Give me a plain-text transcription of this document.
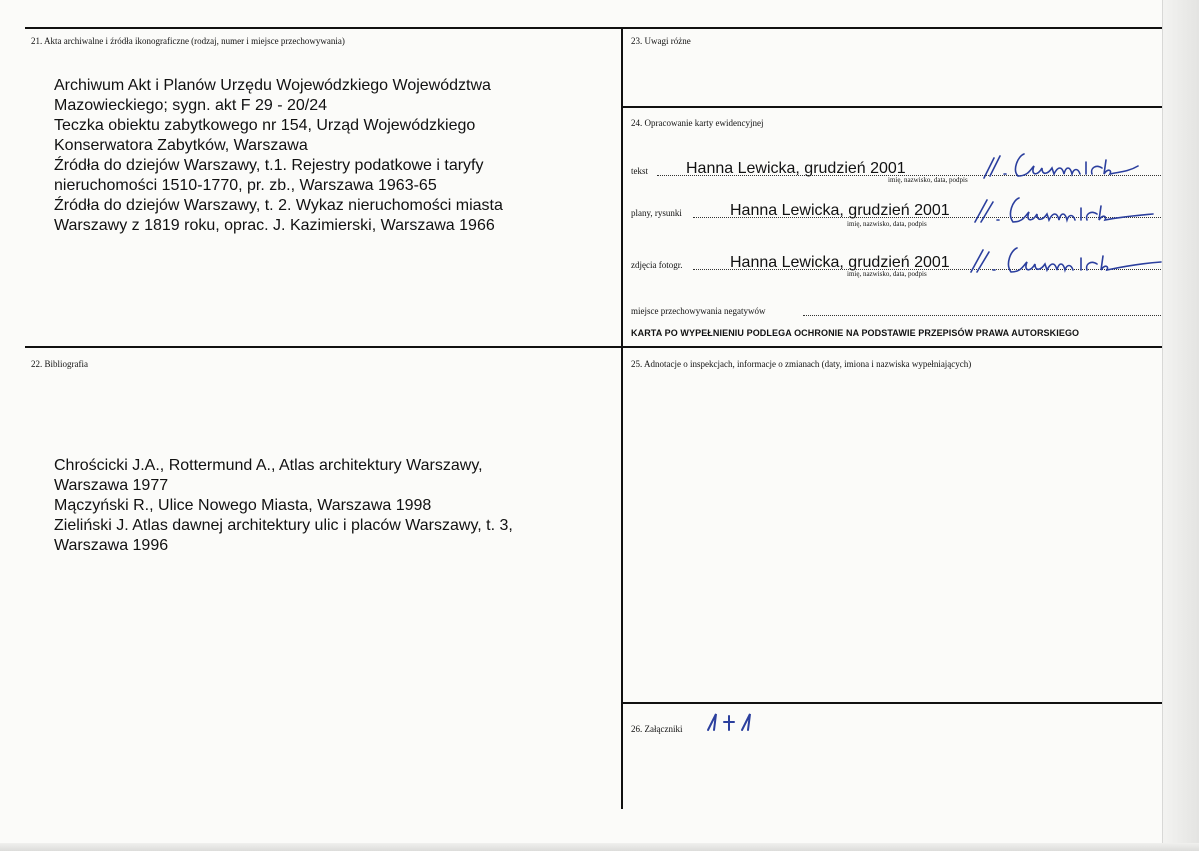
21. Akta archiwalne i źródła ikonograficzne (rodzaj, numer i miejsce przechowywania)

Archiwum Akt i Planów Urzędu Wojewódzkiego Województwa Mazowieckiego; sygn. akt F 29 - 20/24

Teczka obiektu zabytkowego nr 154, Urząd Wojewódzkiego Konserwatora Zabytków, Warszawa

Źródła do dziejów Warszawy, t.1. Rejestry podatkowe i taryfy nieruchomości 1510-1770, pr. zb., Warszawa 1963-65

Źródła do dziejów Warszawy, t. 2. Wykaz nieruchomości miasta Warszawy z 1819 roku, oprac. J. Kazimierski, Warszawa 1966

22. Bibliografia

Chrościcki J.A., Rottermund A., Atlas architektury Warszawy, Warszawa 1977

Mączyński R., Ulice Nowego Miasta, Warszawa 1998

Zieliński J. Atlas dawnej architektury ulic i placów Warszawy, t. 3, Warszawa 1996

23. Uwagi różne
24. Opracowanie karty ewidencyjnej
tekst Hanna Lewicka, grudzień 2001
imię, nazwisko, data, podpis
plany, rysunki	Hanna Lewicka, grudzień 2001
imię, nazwisko, data, podpis
zdjęcia fotogr.	Hanna Lewicka, grudzień 2001
imię, nazwisko, data, podpis
miejsce przechowywania negatywów
KARTA PO WYPEŁNIENIU PODLEGA OCHRONIE NA PODSTAWIE PRZEPISÓW PRAWA AUTORSKIEGO
25. Adnotacje o inspekcjach, informacje o zmianach (daty, imiona i nazwiska wypełniających)
26. Załączniki
